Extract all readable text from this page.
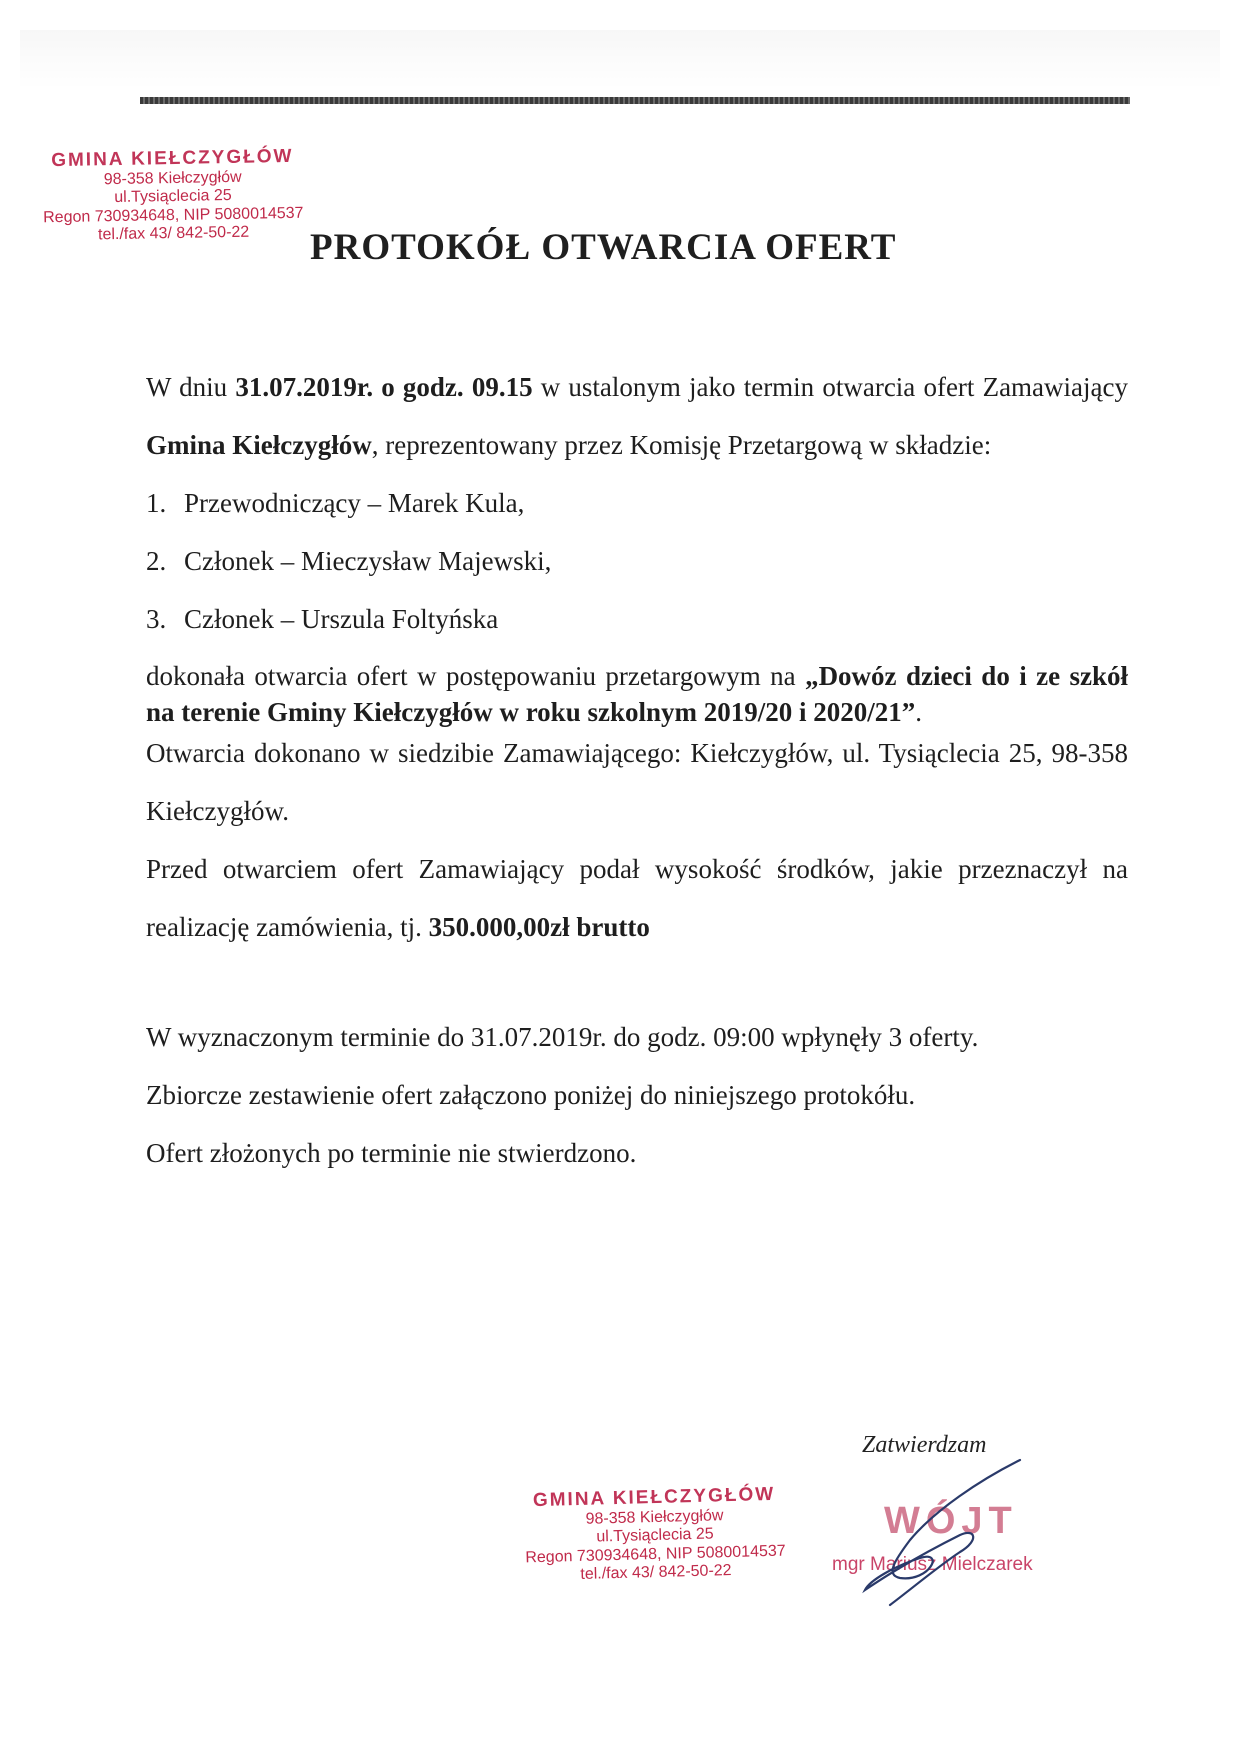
GMINA KIEŁCZYGŁÓW
98-358 Kiełczygłów
ul.Tysiąclecia 25
Regon 730934648, NIP 5080014537
tel./fax 43/ 842-50-22	PROTOKÓŁ OTWARCIA OFERT

W dniu 31.07.2019r. o godz. 09.15 w ustalonym jako termin otwarcia ofert Zamawiający Gmina Kiełczygłów, reprezentowany przez Komisję Przetargową w składzie:

1. Przewodniczący – Marek Kula,
2. Członek – Mieczysław Majewski,
3. Członek – Urszula Foltyńska

dokonała otwarcia ofert w postępowaniu przetargowym na „Dowóz dzieci do i ze szkół na terenie Gminy Kiełczygłów w roku szkolnym 2019/20 i 2020/21”.

Otwarcia dokonano w siedzibie Zamawiającego: Kiełczygłów, ul. Tysiąclecia 25, 98-358 Kiełczygłów.

Przed otwarciem ofert Zamawiający podał wysokość środków, jakie przeznaczył na realizację zamówienia, tj. 350.000,00zł brutto

W wyznaczonym terminie do 31.07.2019r. do godz. 09:00 wpłynęły 3 oferty.

Zbiorcze zestawienie ofert załączono poniżej do niniejszego protokółu.

Ofert złożonych po terminie nie stwierdzono.

Zatwierdzam
WÓJT
mgr Mariusz Mielczarek
GMINA KIEŁCZYGŁÓW
98-358 Kiełczygłów
ul.Tysiąclecia 25
Regon 730934648, NIP 5080014537
tel./fax 43/ 842-50-22
